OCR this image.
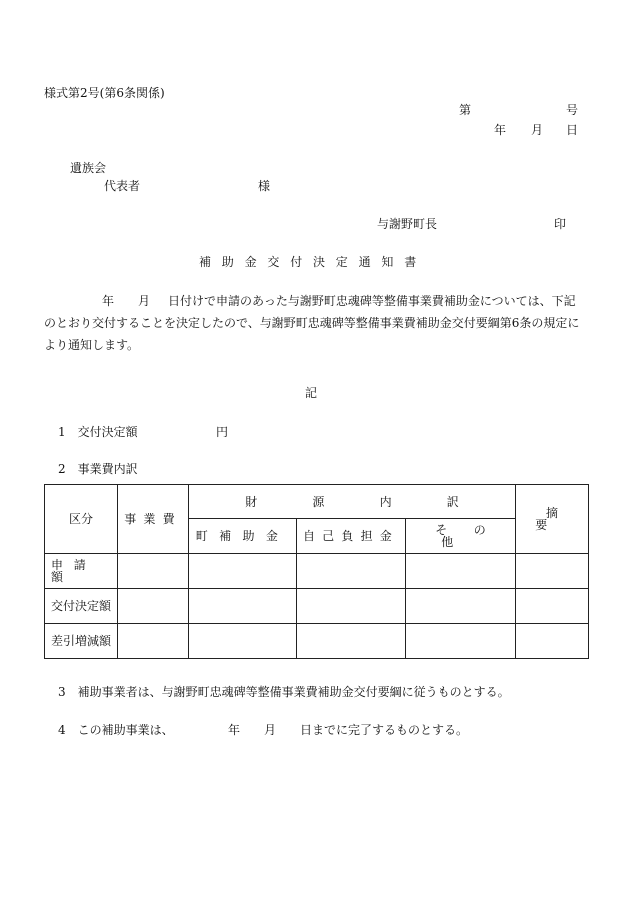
様式第2号(第6条関係)
第	号
年 月 日
遺族会
代表者	様
与謝野町長	印
補助金交付決定通知書

年 月 日付けで申請のあった与謝野町忠魂碑等整備事業費補助金については、下記のとおり交付することを決定したので、与謝野町忠魂碑等整備事業費補助金交付要綱第6条の規定により通知します。

記
1　交付決定額	円
2　事業費内訳
区分	事業費	財源内訳			摘要
		町補助金	自己負担金	その他	
申請額					
交付決定額					
差引増減額					
3　補助事業者は、与謝野町忠魂碑等整備事業費補助金交付要綱に従うものとする。
4　この補助事業は、	年 月 日までに完了するものとする。
